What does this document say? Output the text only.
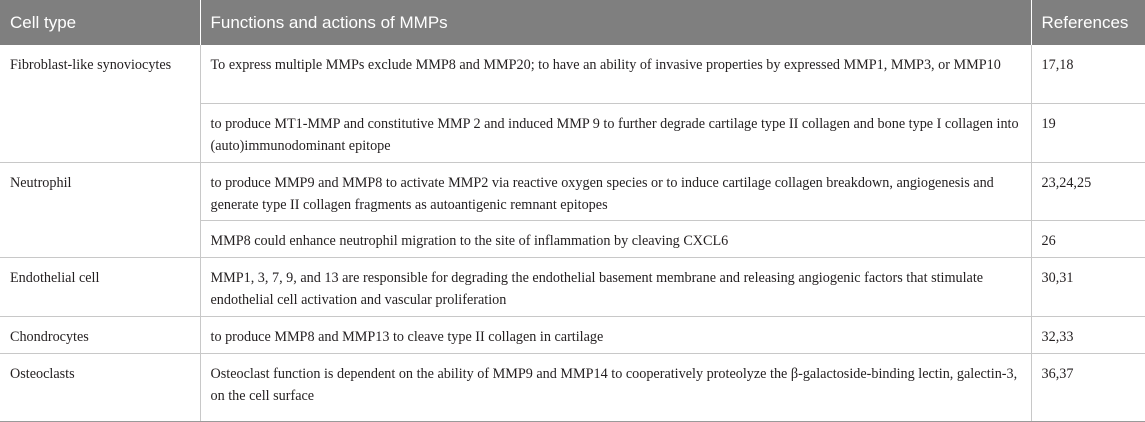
Cell type	Functions and actions of MMPs	References
Fibroblast-like synoviocytes	To express multiple MMPs exclude MMP8 and MMP20; to have an ability of invasive properties by expressed MMP1, MMP3, or MMP10	17,18
	to produce MT1-MMP and constitutive MMP 2 and induced MMP 9 to further degrade cartilage type II collagen and bone type I collagen into (auto)immunodominant epitope	19
Neutrophil	to produce MMP9 and MMP8 to activate MMP2 via reactive oxygen species or to induce cartilage collagen breakdown, angiogenesis and generate type II collagen fragments as autoantigenic remnant epitopes	23,24,25
	MMP8 could enhance neutrophil migration to the site of inflammation by cleaving CXCL6	26
Endothelial cell	MMP1, 3, 7, 9, and 13 are responsible for degrading the endothelial basement membrane and releasing angiogenic factors that stimulate endothelial cell activation and vascular proliferation	30,31
Chondrocytes	to produce MMP8 and MMP13 to cleave type II collagen in cartilage	32,33
Osteoclasts	Osteoclast function is dependent on the ability of MMP9 and MMP14 to cooperatively proteolyze the β-galactoside-binding lectin, galectin-3, on the cell surface	36,37
